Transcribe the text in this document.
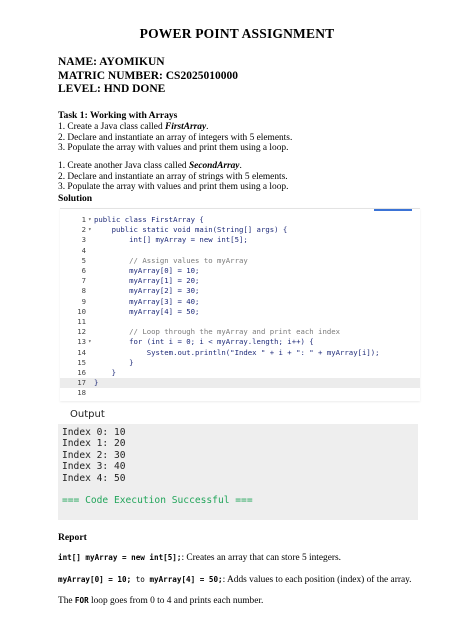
POWER POINT ASSIGNMENT
NAME: AYOMIKUN
MATRIC NUMBER: CS2025010000
LEVEL: HND DONE
Task 1: Working with Arrays
1. Create a Java class called FirstArray.
2. Declare and instantiate an array of integers with 5 elements.
3. Populate the array with values and print them using a loop.
1. Create another Java class called SecondArray.
2. Declare and instantiate an array of strings with 5 elements.
3. Populate the array with values and print them using a loop.
Solution
1 ▾ public class FirstArray {
2 ▾ public static void main(String[] args) {
3 int[] myArray = new int[5];
4
5 // Assign values to myArray
6 myArray[0] = 10;
7 myArray[1] = 20;
8 myArray[2] = 30;
9 myArray[3] = 40;
10 myArray[4] = 50;
11
12 // Loop through the myArray and print each index
13 ▾ for (int i = 0; i < myArray.length; i++) {
14 System.out.println("Index " + i + ": " + myArray[i]);
15 }
16 }
17 }
18
Output
Index 0: 10
Index 1: 20
Index 2: 30
Index 3: 40
Index 4: 50
=== Code Execution Successful ===
Report
int[] myArray = new int[5];: Creates an array that can store 5 integers.
myArray[0] = 10; to myArray[4] = 50;: Adds values to each position (index) of the array.
The FOR loop goes from 0 to 4 and prints each number.
